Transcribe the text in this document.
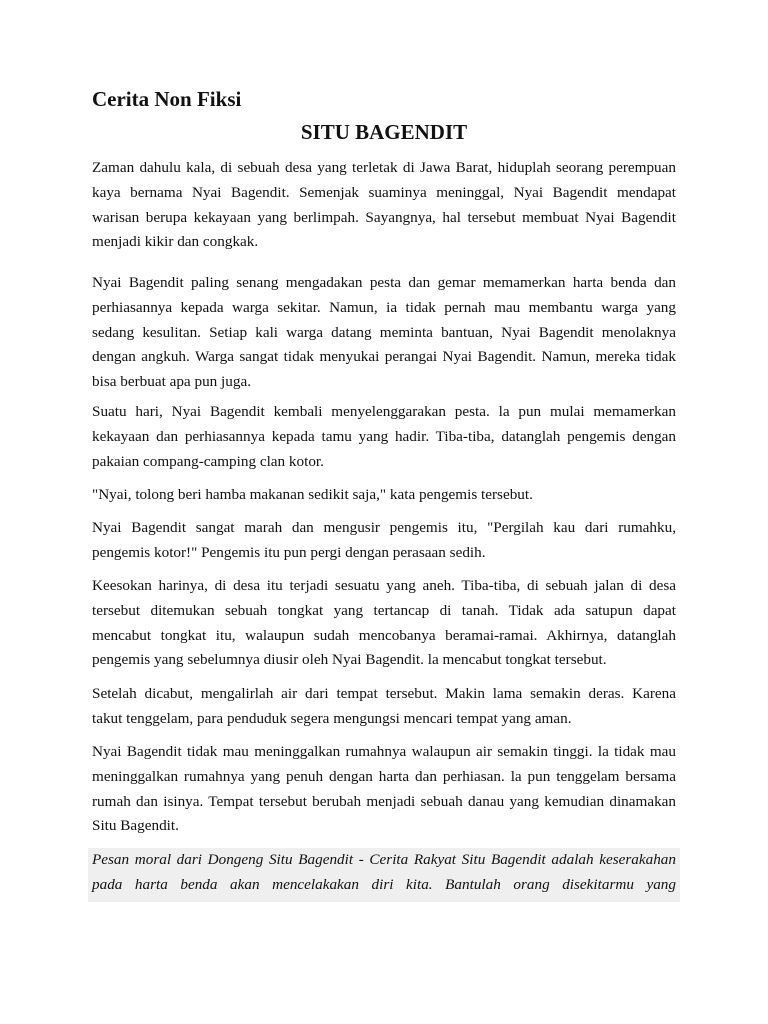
Cerita Non Fiksi
SITU BAGENDIT
Zaman dahulu kala, di sebuah desa yang terletak di Jawa Barat, hiduplah seorang perempuan
kaya bernama Nyai Bagendit. Semenjak suaminya meninggal, Nyai Bagendit mendapat
warisan berupa kekayaan yang berlimpah. Sayangnya, hal tersebut membuat Nyai Bagendit
menjadi kikir dan congkak.
Nyai Bagendit paling senang mengadakan pesta dan gemar memamerkan harta benda dan
perhiasannya kepada warga sekitar. Namun, ia tidak pernah mau membantu warga yang
sedang kesulitan. Setiap kali warga datang meminta bantuan, Nyai Bagendit menolaknya
dengan angkuh. Warga sangat tidak menyukai perangai Nyai Bagendit. Namun, mereka tidak
bisa berbuat apa pun juga.
Suatu hari, Nyai Bagendit kembali menyelenggarakan pesta. la pun mulai memamerkan
kekayaan dan perhiasannya kepada tamu yang hadir. Tiba-tiba, datanglah pengemis dengan
pakaian compang-camping clan kotor.
"Nyai, tolong beri hamba makanan sedikit saja," kata pengemis tersebut.
Nyai Bagendit sangat marah dan mengusir pengemis itu, "Pergilah kau dari rumahku,
pengemis kotor!" Pengemis itu pun pergi dengan perasaan sedih.
Keesokan harinya, di desa itu terjadi sesuatu yang aneh. Tiba-tiba, di sebuah jalan di desa
tersebut ditemukan sebuah tongkat yang tertancap di tanah. Tidak ada satupun dapat
mencabut tongkat itu, walaupun sudah mencobanya beramai-ramai. Akhirnya, datanglah
pengemis yang sebelumnya diusir oleh Nyai Bagendit. la mencabut tongkat tersebut.
Setelah dicabut, mengalirlah air dari tempat tersebut. Makin lama semakin deras. Karena
takut tenggelam, para penduduk segera mengungsi mencari tempat yang aman.
Nyai Bagendit tidak mau meninggalkan rumahnya walaupun air semakin tinggi. la tidak mau
meninggalkan rumahnya yang penuh dengan harta dan perhiasan. la pun tenggelam bersama
rumah dan isinya. Tempat tersebut berubah menjadi sebuah danau yang kemudian dinamakan
Situ Bagendit.
Pesan moral dari Dongeng Situ Bagendit - Cerita Rakyat Situ Bagendit adalah keserakahan
pada harta benda akan mencelakakan diri kita. Bantulah orang disekitarmu yang
